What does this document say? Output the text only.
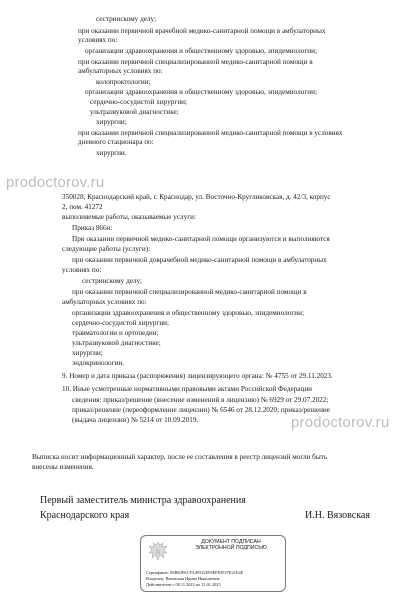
prodoctorov.ru
prodoctorov.ru
сестринскому делу;
при оказании первичной врачебной медико-санитарной помощи в амбулаторных
условиях по:
организации здравоохранения и общественному здоровью, эпидемиологии;
при оказании первичной специализированной медико-санитарной помощи в
амбулаторных условиях по:
колопроктологии;
организации здравоохранения и общественному здоровью, эпидемиологии;
сердечно-сосудистой хирургии;
ультразвуковой диагностике;
хирургии;
при оказании первичной специализированной медико-санитарной помощи в условиях
дневного стационара по:
хирургии.
350028, Краснодарский край, г. Краснодар, ул. Восточно-Кругликовская, д. 42/3, корпус
2, пом. 41272
выполняемые работы, оказываемые услуги:
Приказ 866н:
При оказании первичной медико-санитарной помощи организуются и выполняются
следующие работы (услуги):
при оказании первичной доврачебной медико-санитарной помощи в амбулаторных
условиях по:
сестринскому делу;
при оказании первичной специализированной медико-санитарной помощи в
амбулаторных условиях по:
организации здравоохранения и общественному здоровью, эпидемиологии;
сердечно-сосудистой хирургии;
травматологии и ортопедии;
ультразвуковой диагностике;
хирургии;
эндокринологии.
9. Номер и дата приказа (распоряжения) лицензирующего органа: № 4755 от 29.11.2023.
10. Иные усмотренные нормативными правовыми актами Российской Федерации
сведения: приказ/решение (внесение изменений в лицензию) № 6929 от 29.07.2022;
приказ/решение (переоформление лицензии) № 6546 от 28.12.2020; приказ/решение
(выдача лицензии) № 5214 от 10.09.2019.
Выписка носит информационный характер, после ее составления в реестр лицензий могли быть
внесены изменения.
Первый заместитель министра здравоохранения
Краснодарского края	И.Н. Вязовская
ДОКУМЕНТ ПОДПИСАН
ЭЛЕКТРОННОЙ ПОДПИСЬЮ
Сертификат: 00B60FACFA49532E09EFE5F27E21E4E
Владелец: Вязовская Ирина Николаевна
Действителен с 08.11.2023 по 31.01.2025
